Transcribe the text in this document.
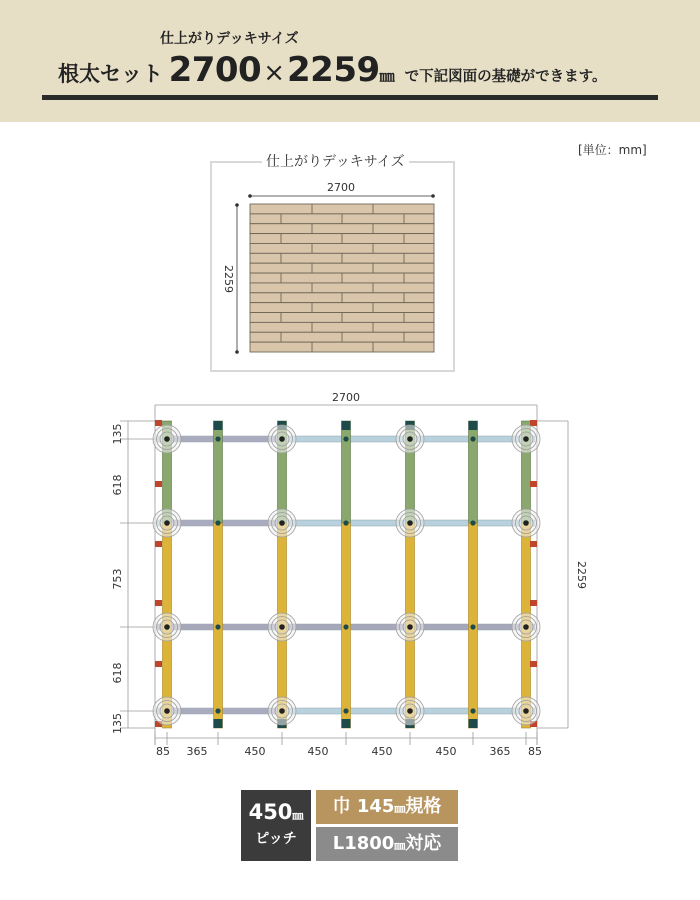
仕上がりデッキサイズ
根太セット 2700×2259㎜ で下記図面の基礎ができます。
[単位：mm]
仕上がりデッキサイズ
2700
2259
2700
2259
135
618
753
618
135
85 365	450	450	450	450	365 85
450㎜
ピッチ
巾 145㎜規格
L1800㎜対応
